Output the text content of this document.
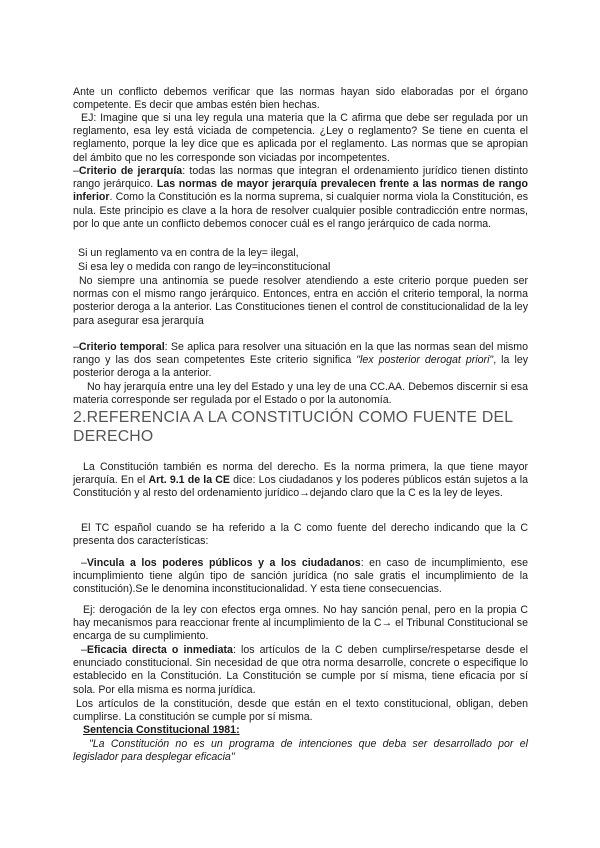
Ante un conflicto debemos verificar que las normas hayan sido elaboradas por el órgano competente. Es decir que ambas estén bien hechas.

EJ: Imagine que si una ley regula una materia que la C afirma que debe ser regulada por un reglamento, esa ley está viciada de competencia. ¿Ley o reglamento? Se tiene en cuenta el reglamento, porque la ley dice que es aplicada por el reglamento. Las normas que se apropian del ámbito que no les corresponde son viciadas por incompetentes.

–Criterio de jerarquía: todas las normas que integran el ordenamiento jurídico tienen distinto rango jerárquico. Las normas de mayor jerarquía prevalecen frente a las normas de rango inferior. Como la Constitución es la norma suprema, si cualquier norma viola la Constitución, es nula. Este principio es clave a la hora de resolver cualquier posible contradicción entre normas, por lo que ante un conflicto debemos conocer cuál es el rango jerárquico de cada norma.

Si un reglamento va en contra de la ley= ilegal,

Si esa ley o medida con rango de ley=inconstitucional

No siempre una antinomia se puede resolver atendiendo a este criterio porque pueden ser normas con el mismo rango jerárquico. Entonces, entra en acción el criterio temporal, la norma posterior deroga a la anterior. Las Constituciones tienen el control de constitucionalidad de la ley para asegurar esa jerarquía

–Criterio temporal: Se aplica para resolver una situación en la que las normas sean del mismo rango y las dos sean competentes Este criterio significa "lex posterior derogat priori", la ley posterior deroga a la anterior.

No hay jerarquía entre una ley del Estado y una ley de una CC.AA. Debemos discernir si esa materia corresponde ser regulada por el Estado o por la autonomía.

2.REFERENCIA A LA CONSTITUCIÓN COMO FUENTE DEL DERECHO

La Constitución también es norma del derecho. Es la norma primera, la que tiene mayor jerarquía. En el Art. 9.1 de la CE dice: Los ciudadanos y los poderes públicos están sujetos a la Constitución y al resto del ordenamiento jurídico→dejando claro que la C es la ley de leyes.

El TC español cuando se ha referido a la C como fuente del derecho indicando que la C presenta dos características:

–Vincula a los poderes públicos y a los ciudadanos: en caso de incumplimiento, ese incumplimiento tiene algún tipo de sanción jurídica (no sale gratis el incumplimiento de la constitución).Se le denomina inconstitucionalidad. Y esta tiene consecuencias.

Ej: derogación de la ley con efectos erga omnes. No hay sanción penal, pero en la propia C hay mecanismos para reaccionar frente al incumplimiento de la C→ el Tribunal Constitucional se encarga de su cumplimiento.

–Eficacia directa o inmediata: los artículos de la C deben cumplirse/respetarse desde el enunciado constitucional. Sin necesidad de que otra norma desarrolle, concrete o especifique lo establecido en la Constitución. La Constitución se cumple por sí misma, tiene eficacia por sí sola. Por ella misma es norma jurídica.

Los artículos de la constitución, desde que están en el texto constitucional, obligan, deben cumplirse. La constitución se cumple por sí misma.

Sentencia Constitucional 1981:

"La Constitución no es un programa de intenciones que deba ser desarrollado por el legislador para desplegar eficacia"
